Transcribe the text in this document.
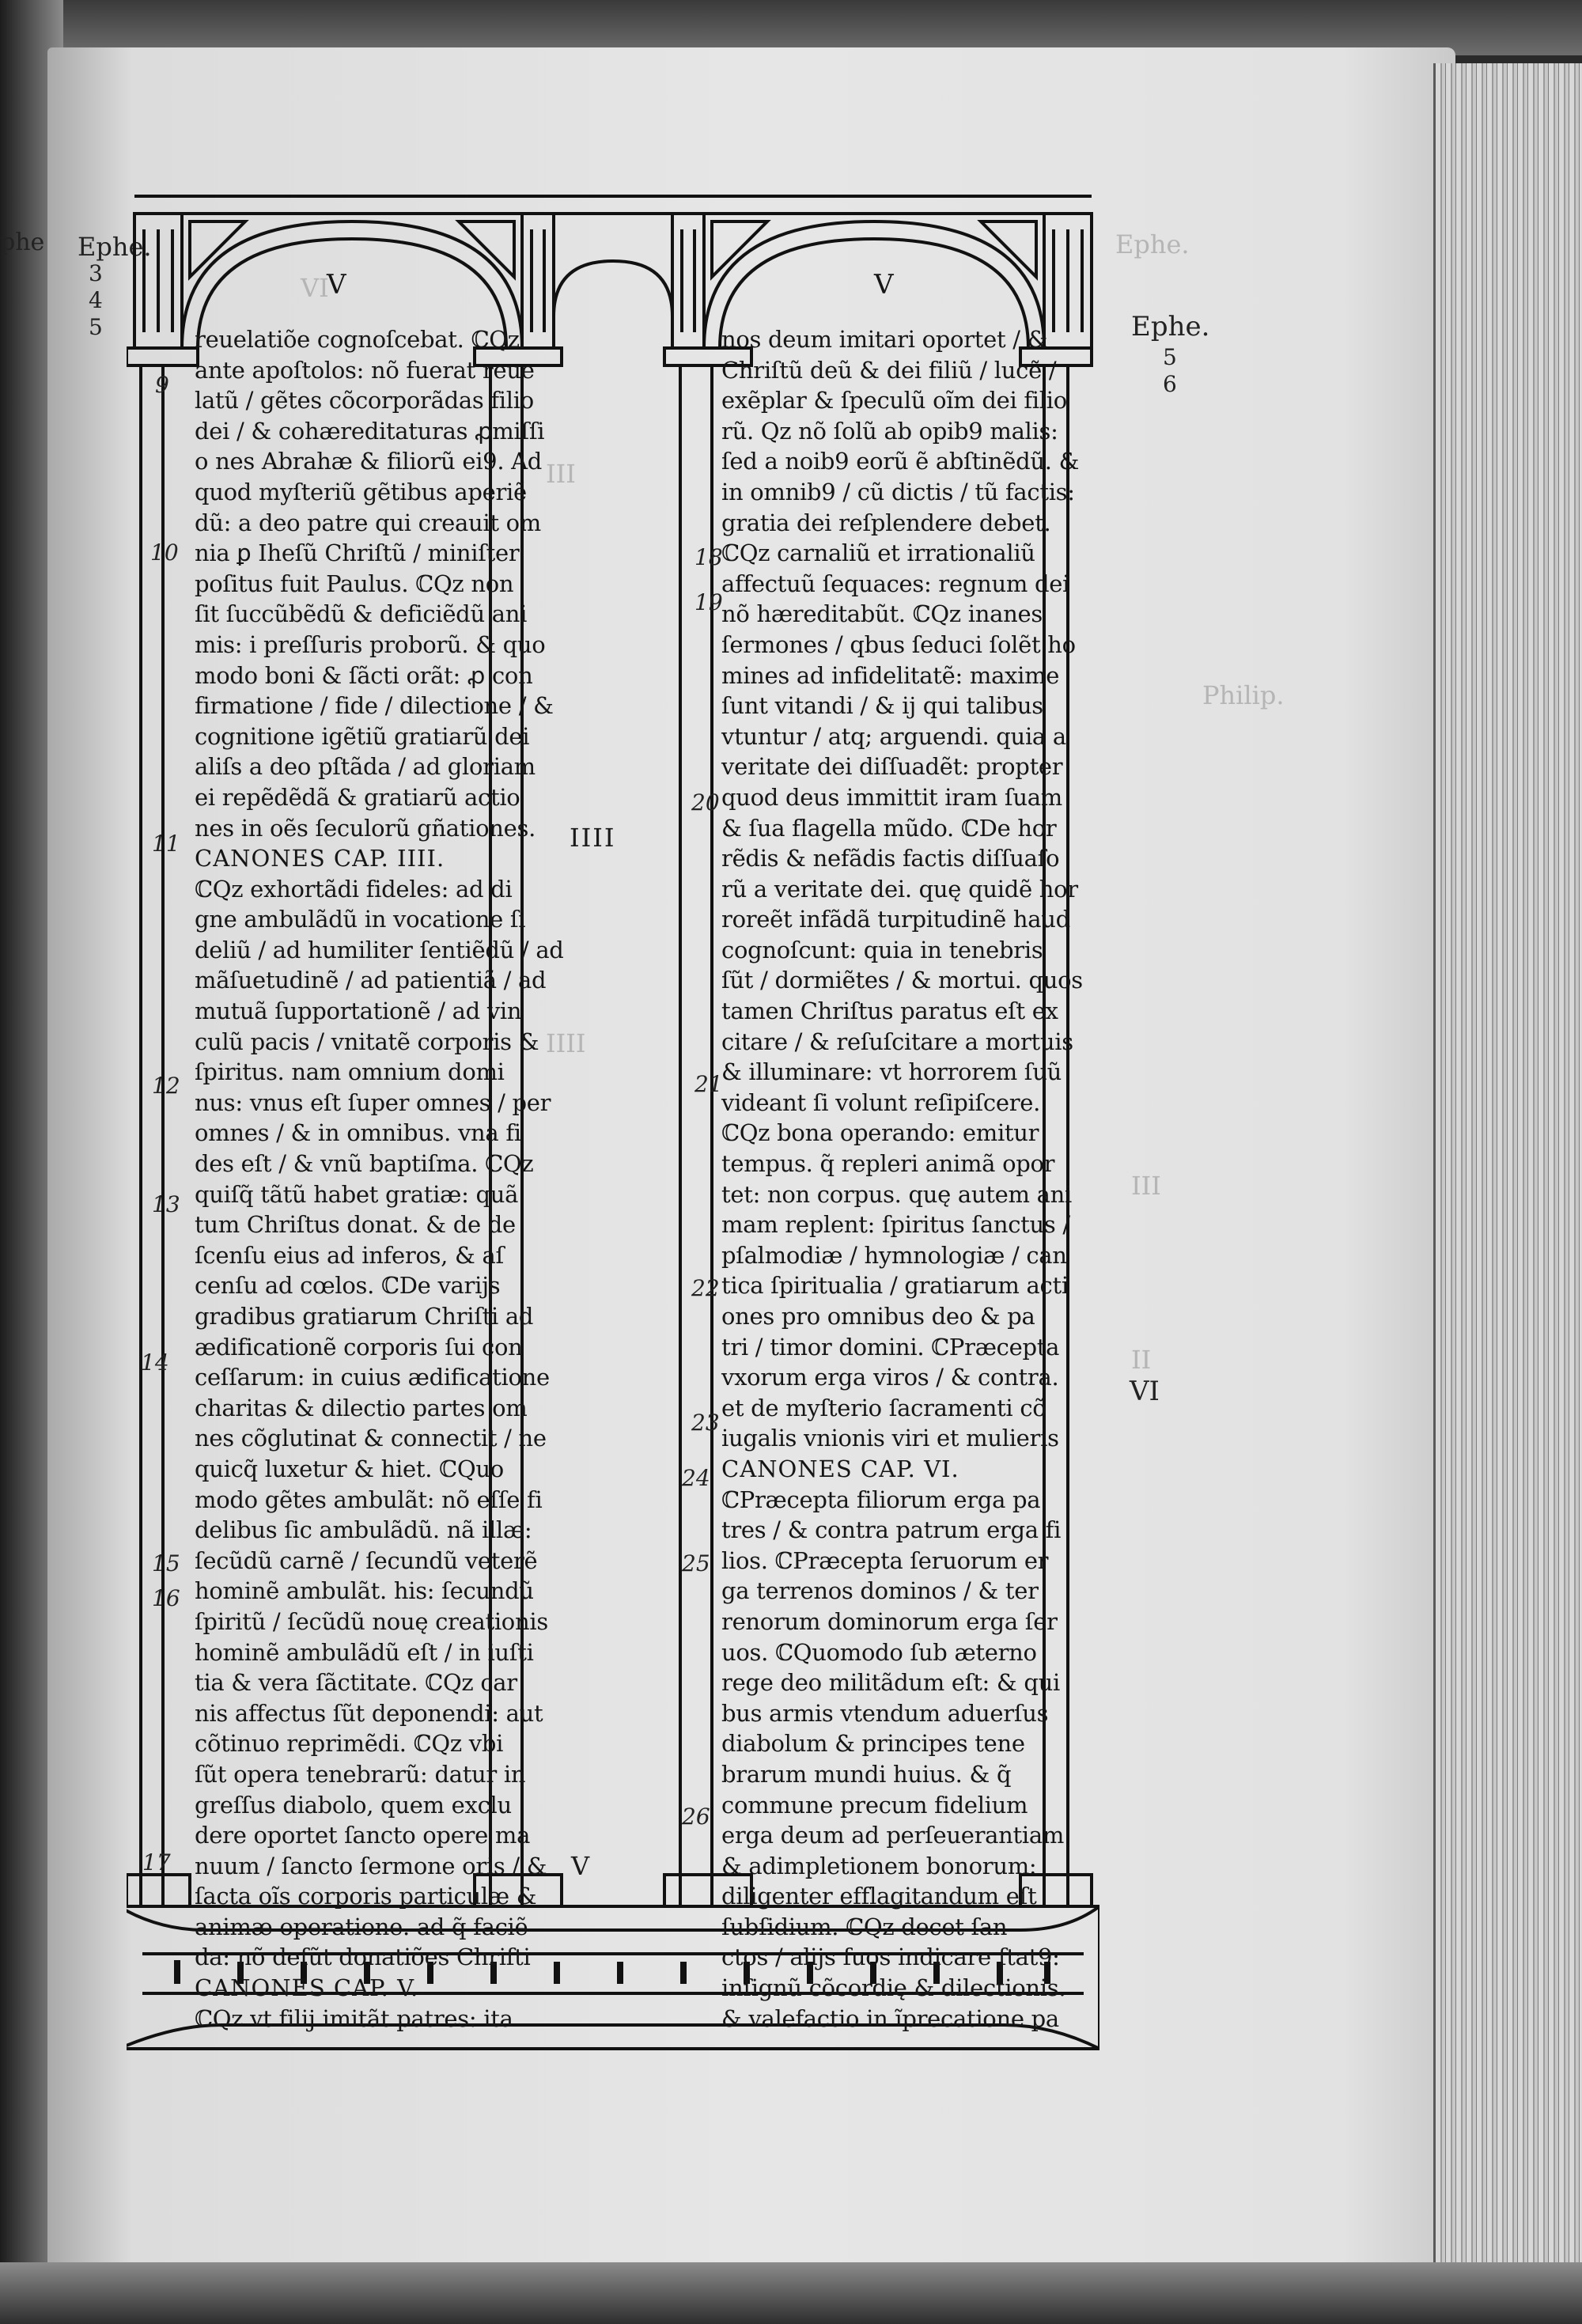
VI
III
IIII
Ephe.
Philip.
III
II
phe Ephe.
3
4
5	Ephe.
5
6
VI
V	V
IIII
V
9
10
11
12
13
14
15
16
17
18
19
20
21
22
23
24
25
26
reuelatiõe cognoſcebat. ℂQz
ante apoſtolos: nõ fuerat reue
latũ / gẽtes cõcorporãdas filio
dei / & cohæreditaturas ꝓmiſſi
o nes Abrahæ & filiorũ ei9. Ad
quod myſteriũ gẽtibus aperiẽ
dũ: a deo patre qui creauit om
nia ꝑ Iheſũ Chriſtũ / miniſter
poſitus fuit Paulus. ℂQz non
ſit ſuccũbẽdũ & deficiẽdũ ani
mis: i preſſuris proborũ. & quo
modo boni & ſãcti orãt: ꝓ con
firmatione / fide / dilectione / &
cognitione igẽtiũ gratiarũ dei
aliſs a deo pſtãda / ad gloriam
ei repẽdẽdã & gratiarũ actio
nes in oẽs ſeculorũ gñationes.
CANONES CAP. IIII.
ℂQz exhortãdi fideles: ad di
gne ambulãdũ in vocatione ſi
deliũ / ad humiliter ſentiẽdũ / ad
mãſuetudinẽ / ad patientiã / ad
mutuã ſupportationẽ / ad vin
culũ pacis / vnitatẽ corporis &
ſpiritus. nam omnium domi
nus: vnus eſt ſuper omnes / per
omnes / & in omnibus. vna fi
des eſt / & vnũ baptiſma. ℂQz
quiſq̃ tãtũ habet gratiæ: quã
tum Chriſtus donat. & de de
ſcenſu eius ad inferos, & aſ
cenſu ad cœlos. ℂDe varijs
gradibus gratiarum Chriſti ad
ædificationẽ corporis ſui con
ceſſarum: in cuius ædificatione
charitas & dilectio partes om
nes cõglutinat & connectit / ne
quicq̃ luxetur & hiet. ℂQuo
modo gẽtes ambulãt: nõ eſſe fi
delibus ſic ambulãdũ. nã illæ:
ſecũdũ carnẽ / ſecundũ veterẽ
hominẽ ambulãt. his: ſecundũ
ſpiritũ / ſecũdũ nouę creationis
hominẽ ambulãdũ eſt / in iuſti
tia & vera ſãctitate. ℂQz car
nis affectus ſũt deponendi: aut
cõtinuo reprimẽdi. ℂQz vbi
ſũt opera tenebrarũ: datur in
greſſus diabolo, quem exclu
dere oportet ſancto opere ma
nuum / ſancto ſermone oris / &
ſacta oĩs corporis particulæ &
animæ operatione. ad q̃ faciẽ
da: nõ deſũt donatiões Chriſti
CANONES CAP. V.
ℂQz vt filij imitãt patres: ita
nos deum imitari oportet / &
Chriſtũ deũ & dei filiũ / lucẽ /
exẽplar & ſpeculũ oĩm dei filio
rũ. Qz nõ ſolũ ab opib9 malis:
ſed a noib9 eorũ ẽ abſtinẽdũ. &
in omnib9 / cũ dictis / tũ factis:
gratia dei reſplendere debet.
ℂQz carnaliũ et irrationaliũ
affectuũ ſequaces: regnum dei
nõ hæreditabũt. ℂQz inanes
ſermones / qbus ſeduci ſolẽt ho
mines ad infidelitatẽ: maxime
ſunt vitandi / & ij qui talibus
vtuntur / atq; arguendi. quia a
veritate dei diſſuadẽt: propter
quod deus immittit iram ſuam
& ſua flagella mũdo. ℂDe hor
rẽdis & nefãdis factis diſſuaſo
rũ a veritate dei. quę quidẽ hor
roreẽt infãdã turpitudinẽ haud
cognoſcunt: quia in tenebris
ſũt / dormiẽtes / & mortui. quos
tamen Chriſtus paratus eſt ex
citare / & reſuſcitare a mortuis
& illuminare: vt horrorem ſuũ
videant ſi volunt reſipiſcere.
ℂQz bona operando: emitur
tempus. q̃ repleri animã opor
tet: non corpus. quę autem ani
mam replent: ſpiritus ſanctus /
pſalmodiæ / hymnologiæ / can
tica ſpiritualia / gratiarum acti
ones pro omnibus deo & pa
tri / timor domini. ℂPræcepta
vxorum erga viros / & contra.
et de myſterio ſacramenti cõ
iugalis vnionis viri et mulieris
CANONES CAP. VI.
ℂPræcepta filiorum erga pa
tres / & contra patrum erga fi
lios. ℂPræcepta ſeruorum er
ga terrenos dominos / & ter
renorum dominorum erga ſer
uos. ℂQuomodo ſub æterno
rege deo militãdum eſt: & qui
bus armis vtendum aduerſus
diabolum & principes tene
brarum mundi huius. & q̃
commune precum fidelium
erga deum ad perſeuerantiam
& adimpletionem bonorum:
diligenter efflagitandum eſt
ſubſidium. ℂQz decet ſan
ctos / alijs ſuos indicare ſtat9:
inſignũ cõcordię & dilectionis.
& valefactio in ĩprecatione pa
